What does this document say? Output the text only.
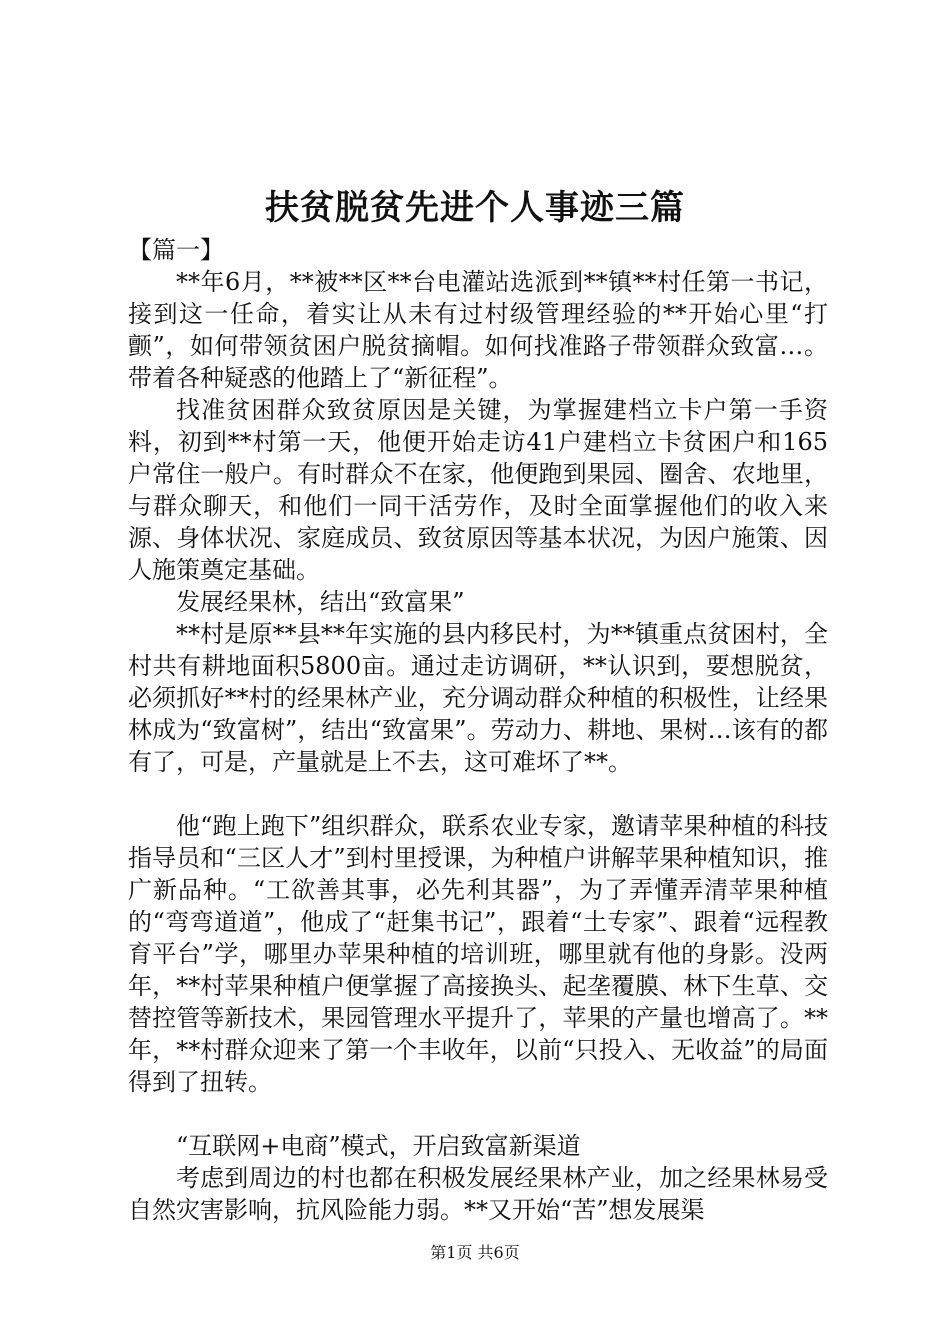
扶贫脱贫先进个人事迹三篇

【篇一】

**年6月，**被**区**台电灌站选派到**镇**村任第一书记，接到这一任命，着实让从未有过村级管理经验的**开始心里“打颤”，如何带领贫困户脱贫摘帽。如何找准路子带领群众致富…。带着各种疑惑的他踏上了“新征程”。

找准贫困群众致贫原因是关键，为掌握建档立卡户第一手资料，初到**村第一天，他便开始走访41户建档立卡贫困户和165户常住一般户。有时群众不在家，他便跑到果园、圈舍、农地里，与群众聊天，和他们一同干活劳作，及时全面掌握他们的收入来源、身体状况、家庭成员、致贫原因等基本状况，为因户施策、因人施策奠定基础。

发展经果林，结出“致富果”

**村是原**县**年实施的县内移民村，为**镇重点贫困村，全村共有耕地面积5800亩。通过走访调研，**认识到，要想脱贫，必须抓好**村的经果林产业，充分调动群众种植的积极性，让经果林成为“致富树”，结出“致富果”。劳动力、耕地、果树…该有的都有了，可是，产量就是上不去，这可难坏了**。

他“跑上跑下”组织群众，联系农业专家，邀请苹果种植的科技指导员和“三区人才”到村里授课，为种植户讲解苹果种植知识，推广新品种。“工欲善其事，必先利其器”，为了弄懂弄清苹果种植的“弯弯道道”，他成了“赶集书记”，跟着“土专家”、跟着“远程教育平台”学，哪里办苹果种植的培训班，哪里就有他的身影。没两年，**村苹果种植户便掌握了高接换头、起垄覆膜、林下生草、交替控管等新技术，果园管理水平提升了，苹果的产量也增高了。**年，**村群众迎来了第一个丰收年，以前“只投入、无收益”的局面得到了扭转。

“互联网+电商”模式，开启致富新渠道

考虑到周边的村也都在积极发展经果林产业，加之经果林易受自然灾害影响，抗风险能力弱。**又开始“苦”想发展渠

第1页 共6页
